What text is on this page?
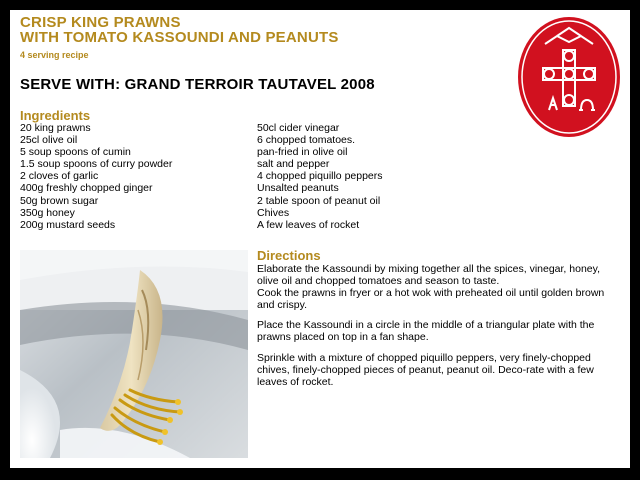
CRISP KING PRAWNS
WITH TOMATO KASSOUNDI AND PEANUTS
4 serving recipe
SERVE WITH: GRAND TERROIR TAUTAVEL 2008
Ingredients
20 king prawns
25cl olive oil
5 soup spoons of cumin
1.5 soup spoons of curry powder
2 cloves of garlic
400g freshly chopped ginger
50g brown sugar
350g honey
200g mustard seeds
50cl cider vinegar
6 chopped tomatoes.
pan-fried in olive oil
salt and pepper
4 chopped piquillo peppers
Unsalted peanuts
2 table spoon of peanut oil
Chives
A few leaves of rocket
Directions

Elaborate the Kassoundi by mixing together all the spices, vinegar, honey, olive oil and chopped tomatoes and season to taste.

Cook the prawns in fryer or a hot wok with preheated oil until golden brown and crispy.

Place the Kassoundi in a circle in the middle of a triangular plate with the prawns placed on top in a fan shape.

Sprinkle with a mixture of chopped piquillo peppers, very finely-chopped chives, finely-chopped pieces of peanut, peanut oil. Deco-rate with a few leaves of rocket.
